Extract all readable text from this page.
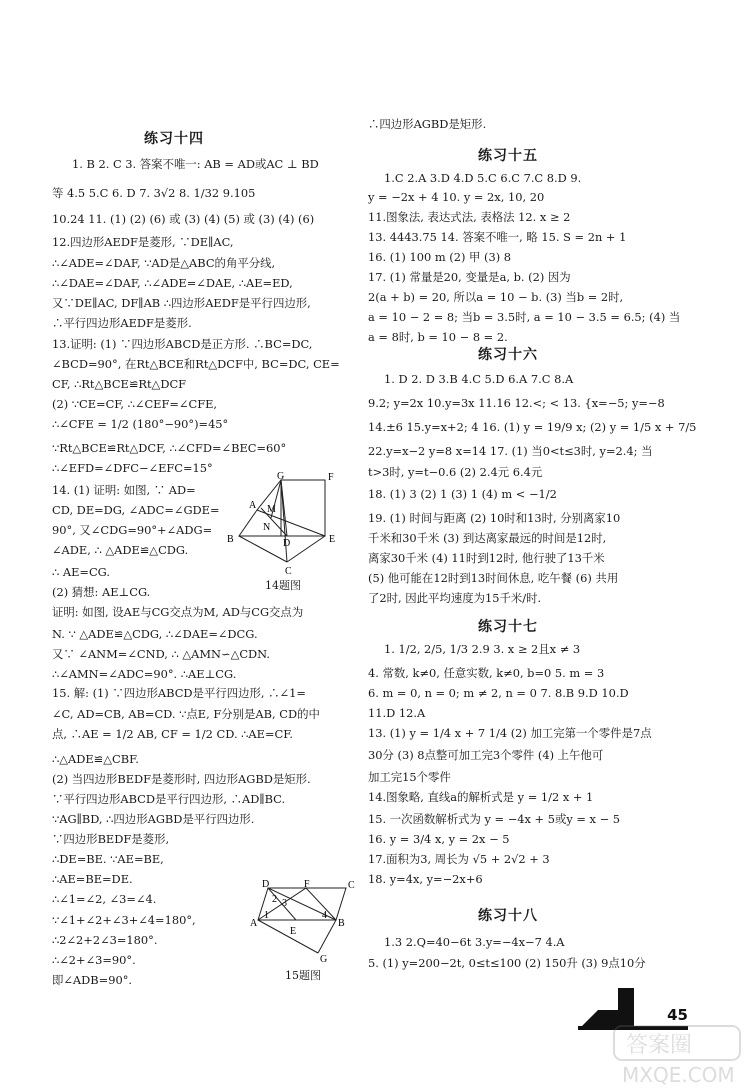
练习十四
1. B 2. C 3. 答案不唯一: AB = AD或AC ⊥ BD
等 4.5 5.C 6. D 7. 3√2 8. 1/32 9.105
10.24 11. (1) (2) (6) 或 (3) (4) (5) 或 (3) (4) (6)
12.四边形AEDF是菱形, ∵DE∥AC,
∴∠ADE=∠DAF, ∵AD是△ABC的角平分线,
∴∠DAE=∠DAF, ∴∠ADE=∠DAE, ∴AE=ED,
又∵DE∥AC, DF∥AB ∴四边形AEDF是平行四边形,
∴平行四边形AEDF是菱形.
13.证明: (1) ∵四边形ABCD是正方形. ∴BC=DC,
∠BCD=90°, 在Rt△BCE和Rt△DCF中, BC=DC, CE=
CF, ∴Rt△BCE≌Rt△DCF
(2) ∵CE=CF, ∴∠CEF=∠CFE,
∴∠CFE = 1/2 (180°−90°)=45°
∵Rt△BCE≌Rt△DCF, ∴∠CFD=∠BEC=60°
∴∠EFD=∠DFC−∠EFC=15°
14. (1) 证明: 如图, ∵ AD=
CD, DE=DG, ∠ADC=∠GDE=
90°, 又∠CDG=90°+∠ADG=
∠ADE, ∴ △ADE≌△CDG.
∴ AE=CG.
(2) 猜想: AE⊥CG.
证明: 如图, 设AE与CG交点为M, AD与CG交点为
N. ∵ △ADE≌△CDG, ∴∠DAE=∠DCG.
又∵ ∠ANM=∠CND, ∴ △AMN∽△CDN.
∴∠AMN=∠ADC=90°. ∴AE⊥CG.
15. 解: (1) ∵四边形ABCD是平行四边形, ∴∠1=
∠C, AD=CB, AB=CD. ∵点E, F分别是AB, CD的中
点, ∴AE = 1/2 AB, CF = 1/2 CD. ∴AE=CF.
∴△ADE≌△CBF.
(2) 当四边形BEDF是菱形时, 四边形AGBD是矩形.
∵平行四边形ABCD是平行四边形, ∴AD∥BC.
∵AG∥BD, ∴四边形AGBD是平行四边形.
∵四边形BEDF是菱形,
∴DE=BE. ∵AE=BE,
∴AE=BE=DE.
∴∠1=∠2, ∠3=∠4.
∵∠1+∠2+∠3+∠4=180°,
∴2∠2+2∠3=180°.
∴∠2+∠3=90°.
即∠ADB=90°.
G	F
A M
N
B	D	E
C
14题图
D	F	C
A	B
E
G
1
2 3
4
15题图
∴四边形AGBD是矩形.
练习十五
1.C 2.A 3.D 4.D 5.C 6.C 7.C 8.D 9.
y = −2x + 4 10. y = 2x, 10, 20
11.图象法, 表达式法, 表格法 12. x ≥ 2
13. 4443.75 14. 答案不唯一, 略 15. S = 2n + 1
16. (1) 100 m (2) 甲 (3) 8
17. (1) 常量是20, 变量是a, b. (2) 因为
2(a + b) = 20, 所以a = 10 − b. (3) 当b = 2时,
a = 10 − 2 = 8; 当b = 3.5时, a = 10 − 3.5 = 6.5; (4) 当
a = 8时, b = 10 − 8 = 2.
练习十六
1. D 2. D 3.B 4.C 5.D 6.A 7.C 8.A
9.2; y=2x 10.y=3x 11.16 12.<; < 13. {x=−5; y=−8
14.±6 15.y=x+2; 4 16. (1) y = 19/9 x; (2) y = 1/5 x + 7/5
22.y=x−2 y=8 x=14 17. (1) 当0<t≤3时, y=2.4; 当
t>3时, y=t−0.6 (2) 2.4元 6.4元
18. (1) 3 (2) 1 (3) 1 (4) m < −1/2
19. (1) 时间与距离 (2) 10时和13时, 分别离家10
千米和30千米 (3) 到达离家最远的时间是12时,
离家30千米 (4) 11时到12时, 他行驶了13千米
(5) 他可能在12时到13时间休息, 吃午餐 (6) 共用
了2时, 因此平均速度为15千米/时.
练习十七
1. 1/2, 2/5, 1/3 2.9 3. x ≥ 2且x ≠ 3
4. 常数, k≠0, 任意实数, k≠0, b=0 5. m = 3
6. m = 0, n = 0; m ≠ 2, n = 0 7. 8.B 9.D 10.D
11.D 12.A
13. (1) y = 1/4 x + 7 1/4 (2) 加工完第一个零件是7点
30分 (3) 8点整可加工完3个零件 (4) 上午他可
加工完15个零件
14.图象略, 直线a的解析式是 y = 1/2 x + 1
15. 一次函数解析式为 y = −4x + 5或y = x − 5
16. y = 3/4 x, y = 2x − 5
17.面积为3, 周长为 √5 + 2√2 + 3
18. y=4x, y=−2x+6
练习十八
1.3 2.Q=40−6t 3.y=−4x−7 4.A
5. (1) y=200−2t, 0≤t≤100 (2) 150升 (3) 9点10分
45
答案圈
MXQE.COM
